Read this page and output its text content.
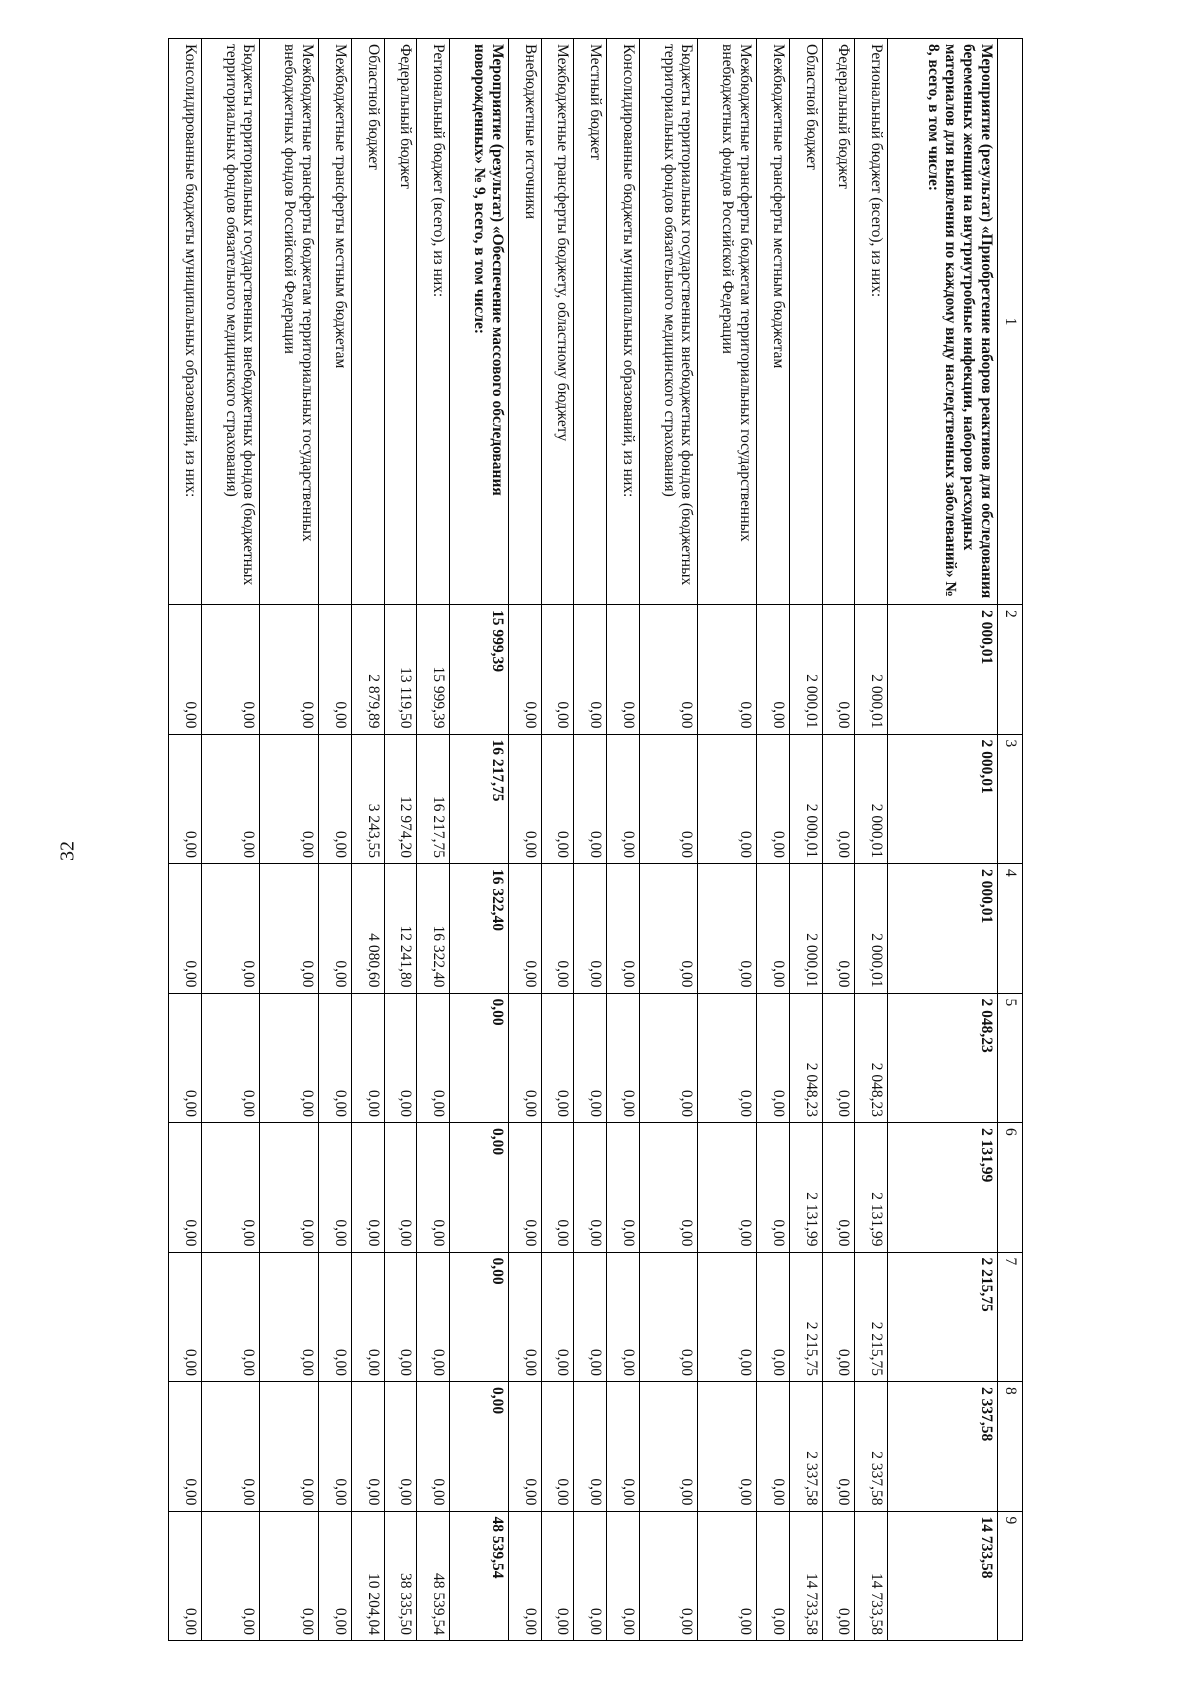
32
1	2	3	4	5	6	7	8	9
Мероприятие (результат) «Приобретение наборов реактивов для обследования беременных женщин на внутриутробные инфекции, наборов расходных материалов для выявления по каждому виду наследственных заболеваний» № 8, всего, в том числе:	2 000,01	2 000,01	2 000,01	2 048,23	2 131,99	2 215,75	2 337,58	14 733,58
Региональный бюджет (всего), из них:	2 000,01	2 000,01	2 000,01	2 048,23	2 131,99	2 215,75	2 337,58	14 733,58
Федеральный бюджет	0,00	0,00	0,00	0,00	0,00	0,00	0,00	0,00
Областной бюджет	2 000,01	2 000,01	2 000,01	2 048,23	2 131,99	2 215,75	2 337,58	14 733,58
Межбюджетные трансферты местным бюджетам	0,00	0,00	0,00	0,00	0,00	0,00	0,00	0,00
Межбюджетные трансферты бюджетам территориальных государственных внебюджетных фондов Российской Федерации	0,00	0,00	0,00	0,00	0,00	0,00	0,00	0,00
Бюджеты территориальных государственных внебюджетных фондов (бюджетных территориальных фондов обязательного медицинского страхования)	0,00	0,00	0,00	0,00	0,00	0,00	0,00	0,00
Консолидированные бюджеты муниципальных образований, из них:	0,00	0,00	0,00	0,00	0,00	0,00	0,00	0,00
Местный бюджет	0,00	0,00	0,00	0,00	0,00	0,00	0,00	0,00
Межбюджетные трансферты бюджету, областному бюджету	0,00	0,00	0,00	0,00	0,00	0,00	0,00	0,00
Внебюджетные источники	0,00	0,00	0,00	0,00	0,00	0,00	0,00	0,00
Мероприятие (результат) «Обеспечение массового обследования новорожденных» № 9, всего, в том числе:	15 999,39	16 217,75	16 322,40	0,00	0,00	0,00	0,00	48 539,54
Региональный бюджет (всего), из них:	15 999,39	16 217,75	16 322,40	0,00	0,00	0,00	0,00	48 539,54
Федеральный бюджет	13 119,50	12 974,20	12 241,80	0,00	0,00	0,00	0,00	38 335,50
Областной бюджет	2 879,89	3 243,55	4 080,60	0,00	0,00	0,00	0,00	10 204,04
Межбюджетные трансферты местным бюджетам	0,00	0,00	0,00	0,00	0,00	0,00	0,00	0,00
Межбюджетные трансферты бюджетам территориальных государственных внебюджетных фондов Российской Федерации	0,00	0,00	0,00	0,00	0,00	0,00	0,00	0,00
Бюджеты территориальных государственных внебюджетных фондов (бюджетных территориальных фондов обязательного медицинского страхования)	0,00	0,00	0,00	0,00	0,00	0,00	0,00	0,00
Консолидированные бюджеты муниципальных образований, из них:	0,00	0,00	0,00	0,00	0,00	0,00	0,00	0,00
